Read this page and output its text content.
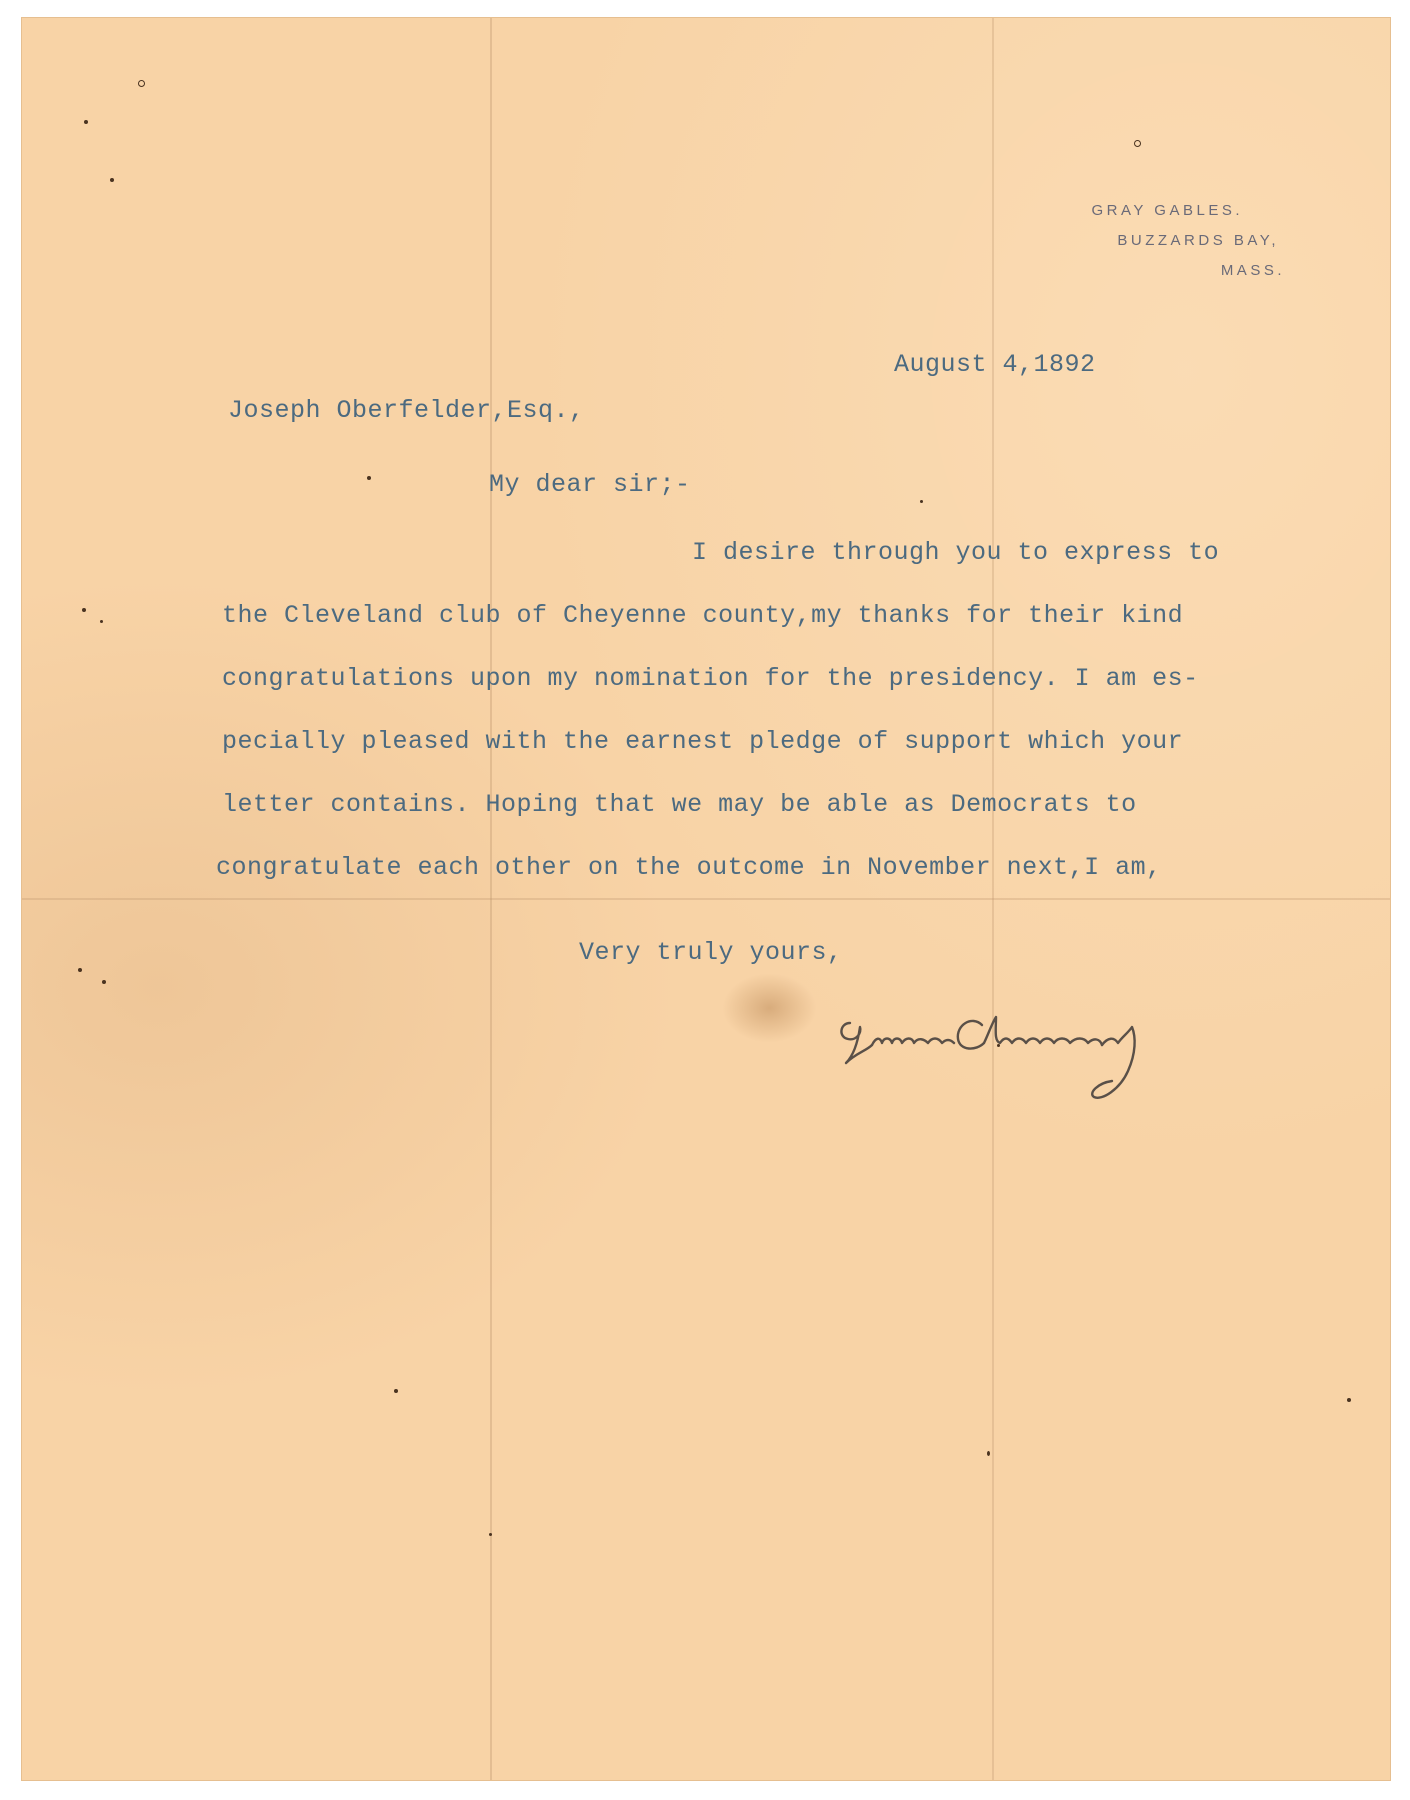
GRAY GABLES.
BUZZARDS BAY,
MASS.
August 4,1892
Joseph Oberfelder,Esq.,
My dear sir;-
I desire through you to express to
the Cleveland club of Cheyenne county,my thanks for their kind
congratulations upon my nomination for the presidency. I am es-
pecially pleased with the earnest pledge of support which your
letter contains. Hoping that we may be able as Democrats to
congratulate each other on the outcome in November next,I am,
Very truly yours,
